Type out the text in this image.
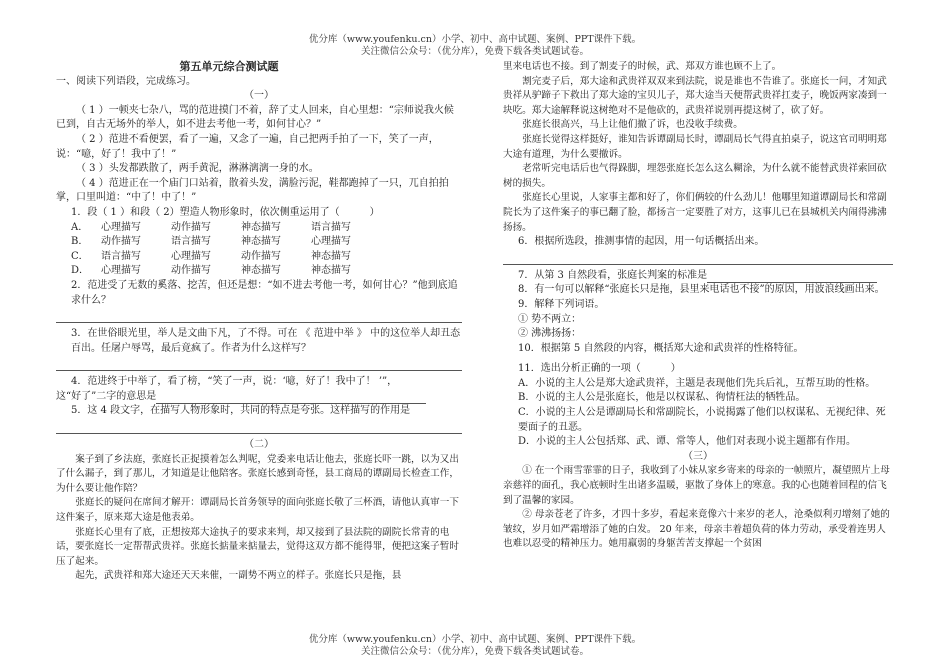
优分库（www.youfenku.cn）小学、初中、高中试题、案例、PPT课件下载。
关注微信公众号：（优分库），免费下载各类试题试卷。
第五单元综合测试题
一、阅读下列语段，完成练习。
（一）
（ 1 ）一顿夹七杂八，骂的范进摸门不着，辞了丈人回来，自心里想：“宗师说我火候已到，自古无场外的举人，如不进去考他一考，如何甘心？”
（ 2 ）范进不看便罢，看了一遍，又念了一遍，自己把两手拍了一下，笑了一声，说：“噫，好了！我中了！”
（ 3 ）头发都跌散了，两手黄泥，淋淋漓漓一身的水。
（ 4 ）范进正在一个庙门口站着，散着头发，满脸污泥，鞋都跑掉了一只，兀自拍拍掌，口里叫道：“中了！中了！”
1．段（ 1 ）和段（ 2）塑造人物形象时，依次侧重运用了（　　　）
A． 心理描写	动作描写	神态描写	语言描写
B． 动作描写	语言描写	神态描写	心理描写
C． 语言描写	心理描写	动作描写	神态描写
D． 心理描写	动作描写	神态描写	神态描写
2．范进受了无数的奚落、挖苦，但还是想：“如不进去考他一考，如何甘心？”他到底追求什么？
3．在世俗眼光里，举人是文曲下凡，了不得。可在 《 范进中举 》 中的这位举人却丑态百出。任屠户辱骂，最后竟疯了。作者为什么这样写？
4．范进终于中举了，看了榜，“笑了一声，说：‘噫，好了！我中了！ ’”，
这“好了”二字的意思是
5．这 4 段文字，在描写人物形象时，共同的特点是夸张。这样描写的作用是
（二）
案子到了乡法庭，张庭长正捉摸着怎么判呢，党委来电话让他去，张庭长吓一跳，以为又出了什么漏子，到了那儿，才知道是让他陪客。张庭长感到奇怪，县工商局的谭副局长检查工作，为什么要让他作陪？
张庭长的疑问在席间才解开：谭副局长首务领导的面向张庭长敬了三杯酒，请他认真审一下这件案子，原来郑大途是他表弟。
张庭长心里有了底，正想按郑大途执子的要求来判，却又接到了县法院的副院长常青的电话，要张庭长一定帮帮武贵祥。张庭长掂量来掂量去，觉得这双方都不能得罪，便把这案子暂时压了起来。
起先，武贵祥和郑大途还天天来催，一副势不两立的样子。张庭长只是拖，县
里来电话也不接。到了割麦子的时候，武、郑双方谁也顾不上了。
割完麦子后，郑大途和武贵祥双双来到法院，说是谁也不告谁了。张庭长一问，才知武贵祥从驴蹄子下救出了郑大途的宝贝儿子，郑大途当天便帮武贵祥扛麦子，晚饭两家凑到一块吃。郑大途解释说这树绝对不是他砍的，武贵祥说别再提这树了，砍了好。
张庭长很高兴，马上让他们撤了诉，也没收手续费。
张庭长觉得这样挺好，谁知告诉谭副局长时，谭副局长气得直拍桌子，说这官司明明郑大途有道理，为什么要撤诉。
老常听完电话后也气得跺脚，埋怨张庭长怎么这么糊涂，为什么就不能替武贵祥索回砍树的损失。
张庭长心里说，人家事主都和好了，你们俩较的什么劲儿！他哪里知道谭副局长和常副院长为了这件案子的事已翻了脸，都扬言一定要胜了对方，这事儿已在县城机关内闹得沸沸扬扬。
6．根据所选段，推测事情的起因，用一句话概括出来。
7．从第 3 自然段看，张庭长判案的标准是
8．有一句可以解释“张庭长只是拖，县里来电话也不接”的原因，用波浪线画出来。
9．解释下列词语。
① 势不两立：
② 沸沸扬扬：
10．根据第 5 自然段的内容，概括郑大途和武贵祥的性格特征。
11．选出分析正确的一项（　　　）
A．小说的主人公是郑大途武贵祥，主题是表现他们先兵后礼，互帮互助的性格。
B．小说的主人公是张庭长，他是以权谋私、徇情枉法的牺牲品。
C．小说的主人公是谭副局长和常副院长，小说揭露了他们以权谋私、无视纪律、死要面子的丑恶。
D．小说的主人公包括郑、武、谭、常等人，他们对表现小说主题都有作用。
（三）
① 在一个雨雪霏霏的日子，我收到了小妹从家乡寄来的母亲的一帧照片，凝望照片上母亲慈祥的面孔，我心底顿时生出诸多温暖，驱散了身体上的寒意。我的心也随着回程的信飞到了温馨的家园。
② 母亲苍老了许多，才四十多岁，看起来竟像六十来岁的老人，沧桑似利刃增刻了她的皱纹，岁月如严霜增添了她的白发。 20 年来，母亲丰着超负荷的体力劳动，承受着连男人也难以忍受的精神压力。她用羸弱的身躯苦苦支撑起一个贫困
优分库（www.youfenku.cn）小学、初中、高中试题、案例、PPT课件下载。
关注微信公众号：（优分库），免费下载各类试题试卷。
